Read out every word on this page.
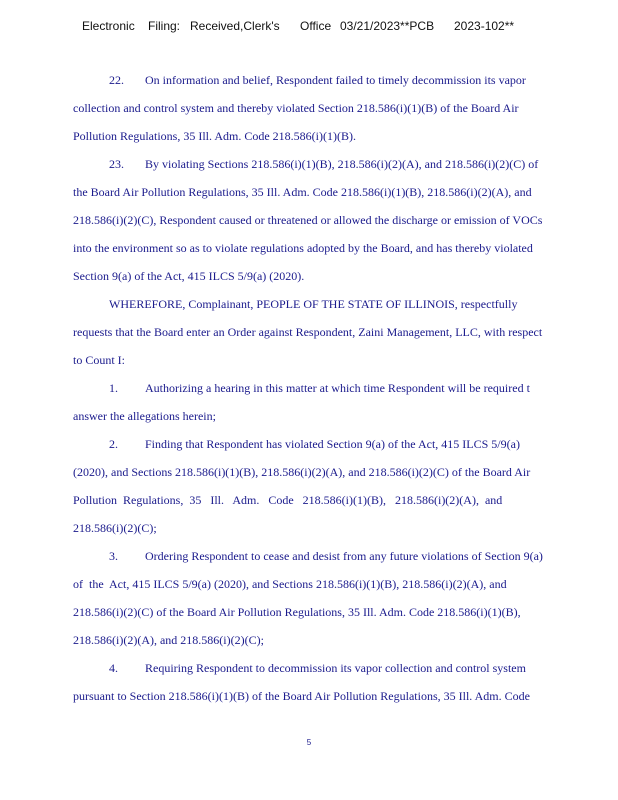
Electronic Filing: Received,Clerk's Office 03/21/2023**PCB 2023-102**
22. On information and belief, Respondent failed to timely decommission its vapor
collection and control system and thereby violated Section 218.586(i)(1)(B) of the Board Air
Pollution Regulations, 35 Ill. Adm. Code 218.586(i)(1)(B).
23. By violating Sections 218.586(i)(1)(B), 218.586(i)(2)(A), and 218.586(i)(2)(C) of
the Board Air Pollution Regulations, 35 Ill. Adm. Code 218.586(i)(1)(B), 218.586(i)(2)(A), and
218.586(i)(2)(C), Respondent caused or threatened or allowed the discharge or emission of VOCs
into the environment so as to violate regulations adopted by the Board, and has thereby violated
Section 9(a) of the Act, 415 ILCS 5/9(a) (2020).
WHEREFORE, Complainant, PEOPLE OF THE STATE OF ILLINOIS, respectfully
requests that the Board enter an Order against Respondent, Zaini Management, LLC, with respect
to Count I:
1. Authorizing a hearing in this matter at which time Respondent will be required t
answer the allegations herein;
2. Finding that Respondent has violated Section 9(a) of the Act, 415 ILCS 5/9(a)
(2020), and Sections 218.586(i)(1)(B), 218.586(i)(2)(A), and 218.586(i)(2)(C) of the Board Air
Pollution  Regulations,  35   Ill.   Adm.   Code   218.586(i)(1)(B),   218.586(i)(2)(A),  and
218.586(i)(2)(C);
3. Ordering Respondent to cease and desist from any future violations of Section 9(a)
of  the  Act, 415 ILCS 5/9(a) (2020), and Sections 218.586(i)(1)(B), 218.586(i)(2)(A), and
218.586(i)(2)(C) of the Board Air Pollution Regulations, 35 Ill. Adm. Code 218.586(i)(1)(B),
218.586(i)(2)(A), and 218.586(i)(2)(C);
4. Requiring Respondent to decommission its vapor collection and control system
pursuant to Section 218.586(i)(1)(B) of the Board Air Pollution Regulations, 35 Ill. Adm. Code
5
